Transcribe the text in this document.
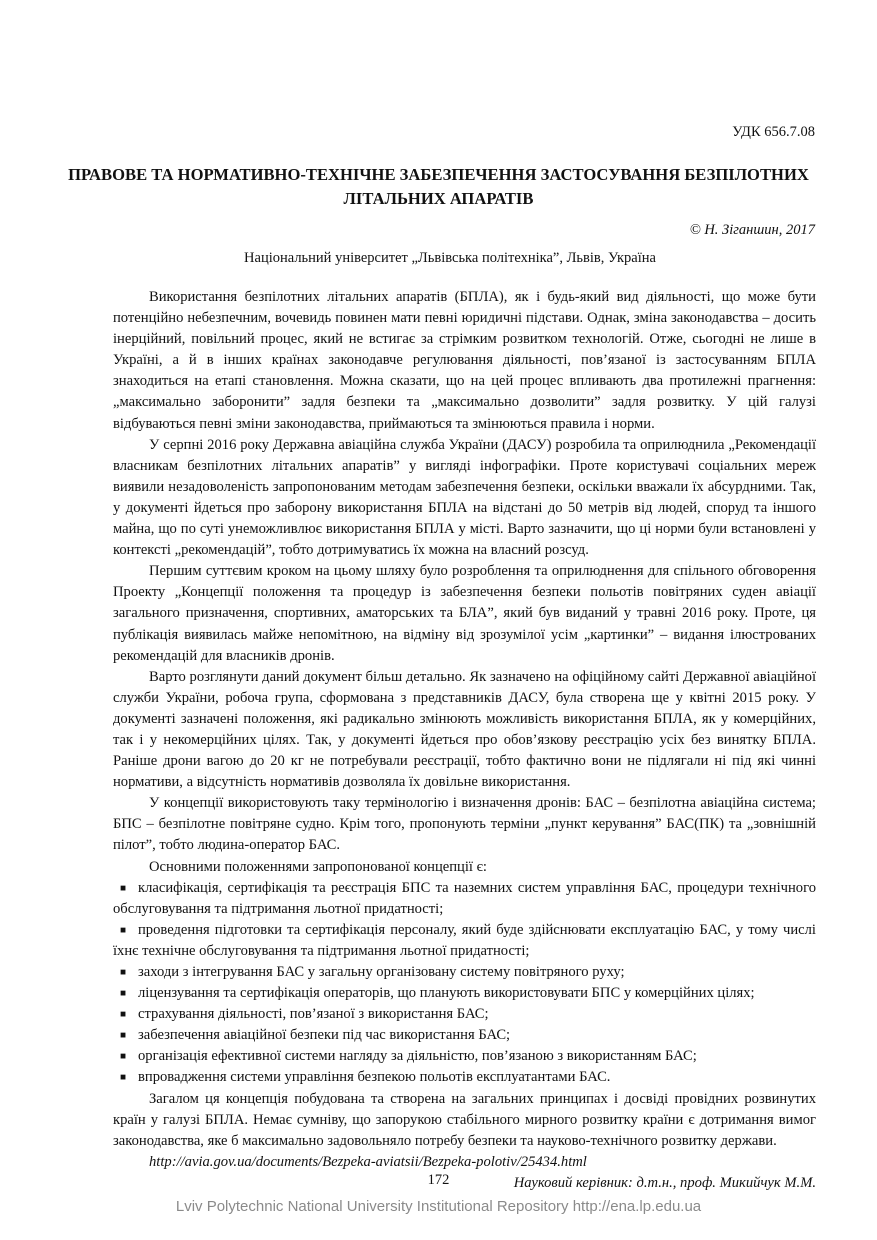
УДК 656.7.08
ПРАВОВЕ ТА НОРМАТИВНО-ТЕХНІЧНЕ ЗАБЕЗПЕЧЕННЯ ЗАСТОСУВАННЯ БЕЗПІЛОТНИХ ЛІТАЛЬНИХ АПАРАТІВ
© Н. Зіганшин, 2017
Національний університет „Львівська політехніка”, Львів, Україна

Використання безпілотних літальних апаратів (БПЛА), як і будь-який вид діяльності, що може бути потенційно небезпечним, вочевидь повинен мати певні юридичні підстави. Однак, зміна законодавства – досить інерційний, повільний процес, який не встигає за стрімким розвитком технологій. Отже, сьогодні не лише в Україні, а й в інших країнах законодавче регулювання діяльності, пов’язаної із застосуванням БПЛА знаходиться на етапі становлення. Можна сказати, що на цей процес впливають два протилежні прагнення: „максимально заборонити” задля безпеки та „максимально дозволити” задля розвитку. У цій галузі відбуваються певні зміни законодавства, приймаються та змінюються правила і норми.

У серпні 2016 року Державна авіаційна служба України (ДАСУ) розробила та оприлюднила „Рекомендації власникам безпілотних літальних апаратів” у вигляді інфографіки. Проте користувачі соціальних мереж виявили незадоволеність запропонованим методам забезпечення безпеки, оскільки вважали їх абсурдними. Так, у документі йдеться про заборону використання БПЛА на відстані до 50 метрів від людей, споруд та іншого майна, що по суті унеможливлює використання БПЛА у місті. Варто зазначити, що ці норми були встановлені у контексті „рекомендацій”, тобто дотримуватись їх можна на власний розсуд.

Першим суттєвим кроком на цьому шляху було розроблення та оприлюднення для спільного обговорення Проекту „Концепції положення та процедур із забезпечення безпеки польотів повітряних суден авіації загального призначення, спортивних, аматорських та БЛА”, який був виданий у травні 2016 року. Проте, ця публікація виявилась майже непомітною, на відміну від зрозумілої усім „картинки” – видання ілюстрованих рекомендацій для власників дронів.

Варто розглянути даний документ більш детально. Як зазначено на офіційному сайті Державної авіаційної служби України, робоча група, сформована з представників ДАСУ, була створена ще у квітні 2015 року. У документі зазначені положення, які радикально змінюють можливість використання БПЛА, як у комерційних, так і у некомерційних цілях. Так, у документі йдеться про обов’язкову реєстрацію усіх без винятку БПЛА. Раніше дрони вагою до 20 кг не потребували реєстрації, тобто фактично вони не підлягали ні під які чинні нормативи, а відсутність нормативів дозволяла їх довільне використання.

У концепції використовують таку термінологію і визначення дронів: БАС – безпілотна авіаційна система; БПС – безпілотне повітряне судно. Крім того, пропонують терміни „пункт керування” БАС(ПК) та „зовнішній пілот”, тобто людина-оператор БАС.

Основними положеннями запропонованої концепції є:

■ класифікація, сертифікація та реєстрація БПС та наземних систем управління БАС, процедури технічного обслуговування та підтримання льотної придатності;
■ проведення підготовки та сертифікація персоналу, який буде здійснювати експлуатацію БАС, у тому числі їхнє технічне обслуговування та підтримання льотної придатності;
■ заходи з інтегрування БАС у загальну організовану систему повітряного руху;
■ ліцензування та сертифікація операторів, що планують використовувати БПС у комерційних цілях;
■ страхування діяльності, пов’язаної з використання БАС;
■ забезпечення авіаційної безпеки під час використання БАС;
■ організація ефективної системи нагляду за діяльністю, пов’язаною з використанням БАС;
■ впровадження системи управління безпекою польотів експлуатантами БАС.

Загалом ця концепція побудована та створена на загальних принципах і досвіді провідних розвинутих країн у галузі БПЛА. Немає сумніву, що запорукою стабільного мирного розвитку країни є дотримання вимог законодавства, яке б максимально задовольняло потребу безпеки та науково-технічного розвитку держави.

http://avia.gov.ua/documents/Bezpeka-aviatsii/Bezpeka-polotiv/25434.html

Науковий керівник: д.т.н., проф. Микийчук М.М.

172
Lviv Polytechnic National University Institutional Repository http://ena.lp.edu.ua
